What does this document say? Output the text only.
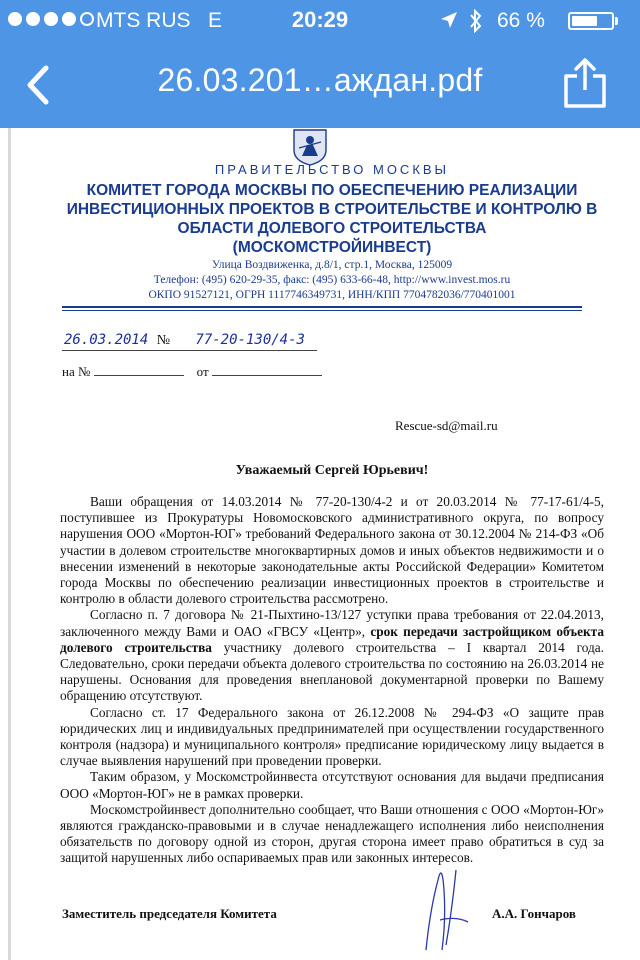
MTS RUS E	20:29	66 %
26.03.201…аждан.pdf
ПРАВИТЕЛЬСТВО МОСКВЫ
КОМИТЕТ ГОРОДА МОСКВЫ ПО ОБЕСПЕЧЕНИЮ РЕАЛИЗАЦИИ
ИНВЕСТИЦИОННЫХ ПРОЕКТОВ В СТРОИТЕЛЬСТВЕ И КОНТРОЛЮ В
ОБЛАСТИ ДОЛЕВОГО СТРОИТЕЛЬСТВА
(МОСКОМСТРОЙИНВЕСТ)
Улица Воздвиженка, д.8/1, стр.1, Москва, 125009
Телефон: (495) 620-29-35, факс: (495) 633-66-48, http://www.invest.mos.ru
ОКПО 91527121, ОГРН 1117746349731, ИНН/КПП 7704782036/770401001
26.03.2014 № 77-20-130/4-3
на №	от
Rescue-sd@mail.ru
Уважаемый Сергей Юрьевич!

Ваши обращения от 14.03.2014 № 77-20-130/4-2 и от 20.03.2014 № 77-17-61/4-5, поступившее из Прокуратуры Новомосковского административного округа, по вопросу нарушения ООО «Мортон-ЮГ» требований Федерального закона от 30.12.2004 № 214-ФЗ «Об участии в долевом строительстве многоквартирных домов и иных объектов недвижимости и о внесении изменений в некоторые законодательные акты Российской Федерации» Комитетом города Москвы по обеспечению реализации инвестиционных проектов в строительстве и контролю в области долевого строительства рассмотрено.

Согласно п. 7 договора № 21-Пыхтино-13/127 уступки права требования от 22.04.2013, заключенного между Вами и ОАО «ГВСУ «Центр», срок передачи застройщиком объекта долевого строительства участнику долевого строительства – I квартал 2014 года. Следовательно, сроки передачи объекта долевого строительства по состоянию на 26.03.2014 не нарушены. Основания для проведения внеплановой документарной проверки по Вашему обращению отсутствуют.

Согласно ст. 17 Федерального закона от 26.12.2008 № 294-ФЗ «О защите прав юридических лиц и индивидуальных предпринимателей при осуществлении государственного контроля (надзора) и муниципального контроля» предписание юридическому лицу выдается в случае выявления нарушений при проведении проверки.

Таким образом, у Москомстройинвеста отсутствуют основания для выдачи предписания ООО «Мортон-ЮГ» не в рамках проверки.

Москомстройинвест дополнительно сообщает, что Ваши отношения с ООО «Мортон-Юг» являются гражданско-правовыми и в случае ненадлежащего исполнения либо неисполнения обязательств по договору одной из сторон, другая сторона имеет право обратиться в суд за защитой нарушенных либо оспариваемых прав или законных интересов.

Заместитель председателя Комитета	А.А. Гончаров
